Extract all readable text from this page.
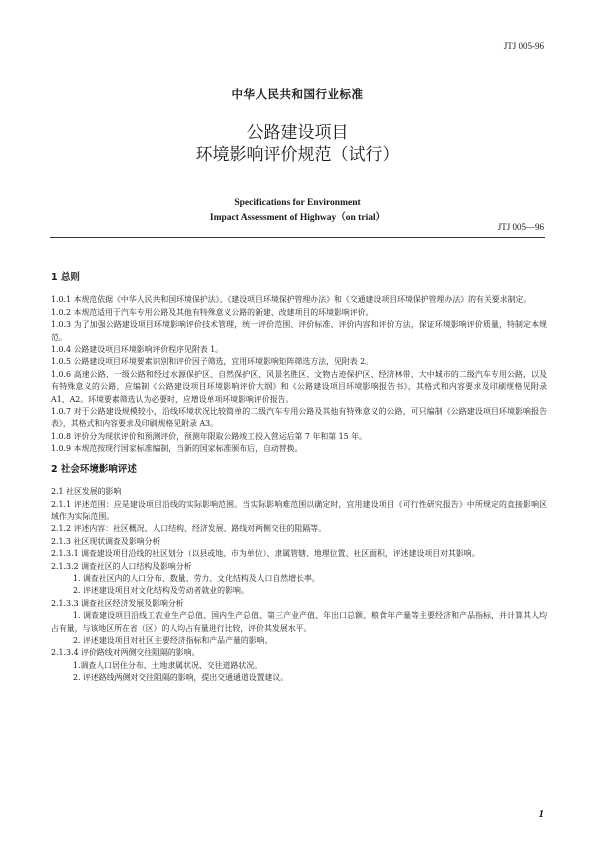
JTJ 005-96
中华人民共和国行业标准
公路建设项目
环境影响评价规范（试行）
Specifications for Environment
Impact Assessment of Highway（on trial）
JTJ 005—96
1 总则

1.0.1 本规范依据《中华人民共和国环境保护法》、《建设项目环境保护管理办法》和《交通建设项目环境保护管理办法》的有关要求制定。

1.0.2 本规范适用于汽车专用公路及其他有特殊意义公路的新建、改建项目的环境影响评价。

1.0.3 为了加强公路建设项目环境影响评价技术管理，统一评价范围、评价标准、评价内容和评价方法，保证环境影响评价质量，特制定本规范。

1.0.4 公路建设项目环境影响评价程序见附表 1。

1.0.5 公路建设项目环境要素识别和评价因子筛选，宜用环境影响矩阵筛选方法，见附表 2。

1.0.6 高速公路、一级公路和经过水源保护区、自然保护区、风景名胜区、文物古迹保护区、经济林带、大中城市的二级汽车专用公路，以及有特殊意义的公路，应编制《公路建设项目环境影响评价大纲》和《公路建设项目环境影响报告书》，其格式和内容要求及印刷规格见附录 A1、A2。环境要素筛选认为必要时，应增设单项环境影响评价报告。

1.0.7 对于公路建设规模较小，沿线环境状况比较简单的二级汽车专用公路及其他有特殊意义的公路，可只编制《公路建设项目环境影响报告表》，其格式和内容要求及印刷规格见附录 A3。

1.0.8 评价分为现状评价和预测评价，预测年限取公路竣工投入营运后第 7 年和第 15 年。

1.0.9 本规范按现行国家标准编制，当新的国家标准颁布后，自动替换。

2 社会环境影响评述

2.1 社区发展的影响

2.1.1 评述范围：应是建设项目沿线的实际影响范围。当实际影响难范围以确定时，宜用建设项目《可行性研究报告》中所规定的直接影响区域作为实际范围。

2.1.2 评述内容：社区概况、人口结构、经济发展、路线对两侧交往的阻隔等。

2.1.3 社区现状调查及影响分析

2.1.3.1 调查建设项目沿线的社区划分（以县或地、市为单位）、隶属管辖、地理位置、社区面积，评述建设项目对其影响。

2.1.3.2 调查社区的人口结构及影响分析

1. 调查社区内的人口分布、数量、劳力、文化结构及人口自然增长率。

2. 评述建设项目对文化结构及劳动者就业的影响。

2.1.3.3 调查社区经济发展及影响分析

1. 调查建设项目沿线工农业生产总值、国内生产总值、第三产业产值、年出口总额、粮食年产量等主要经济和产品指标，并计算其人均占有量，与该地区所在省（区）的人均占有量进行比较，评价其发展水平。

2. 评述建设项目对社区主要经济指标和产品产量的影响。

2.1.3.4 评价路线对两侧交往阻隔的影响。

1.调查人口居住分布、土地隶属状况、交往道路状况。

2. 评述路线两侧对交往阻隔的影响，提出交通通道设置建议。

1
